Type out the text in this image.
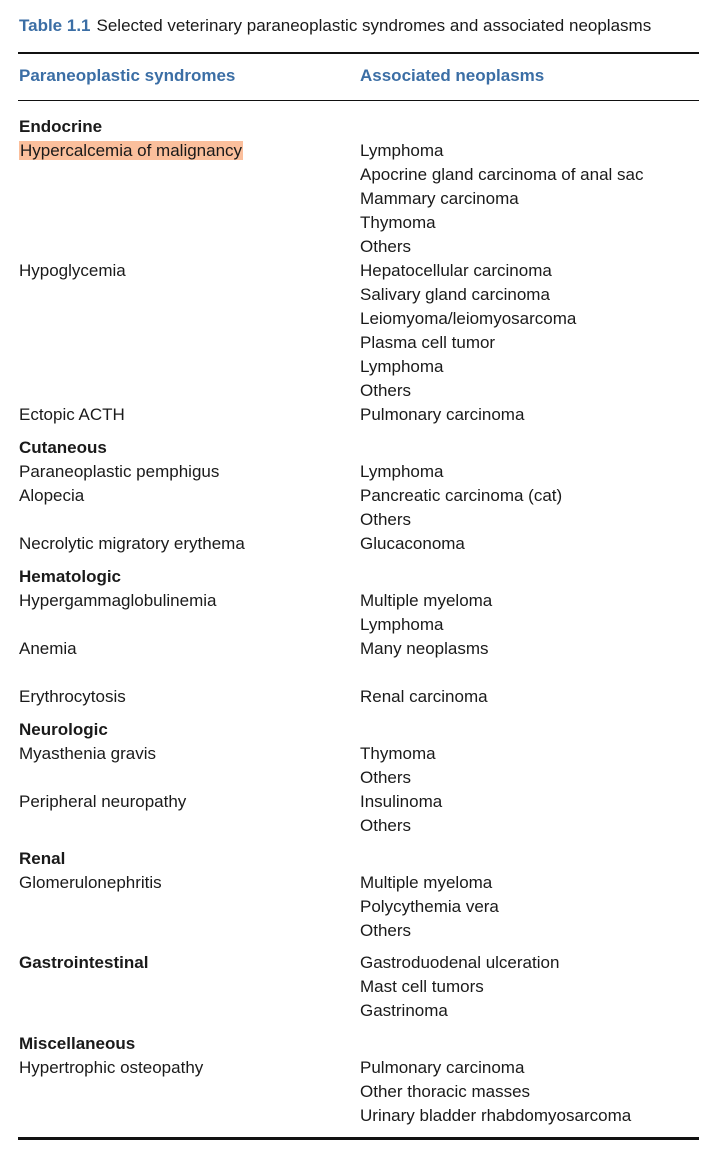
Table 1.1 Selected veterinary paraneoplastic syndromes and associated neoplasms
Paraneoplastic syndromes	Associated neoplasms
Endocrine
Hypercalcemia of malignancy	Lymphoma
Apocrine gland carcinoma of anal sac
Mammary carcinoma
Thymoma
Others
Hypoglycemia	Hepatocellular carcinoma
Salivary gland carcinoma
Leiomyoma/leiomyosarcoma
Plasma cell tumor
Lymphoma
Others
Ectopic ACTH	Pulmonary carcinoma
Cutaneous
Paraneoplastic pemphigus	Lymphoma
Alopecia	Pancreatic carcinoma (cat)
Others
Necrolytic migratory erythema	Glucaconoma
Hematologic
Hypergammaglobulinemia	Multiple myeloma
Lymphoma
Anemia	Many neoplasms
Erythrocytosis	Renal carcinoma
Neurologic
Myasthenia gravis	Thymoma
Others
Peripheral neuropathy	Insulinoma
Others
Renal
Glomerulonephritis	Multiple myeloma
Polycythemia vera
Others
Gastrointestinal	Gastroduodenal ulceration
Mast cell tumors
Gastrinoma
Miscellaneous
Hypertrophic osteopathy	Pulmonary carcinoma
Other thoracic masses
Urinary bladder rhabdomyosarcoma
